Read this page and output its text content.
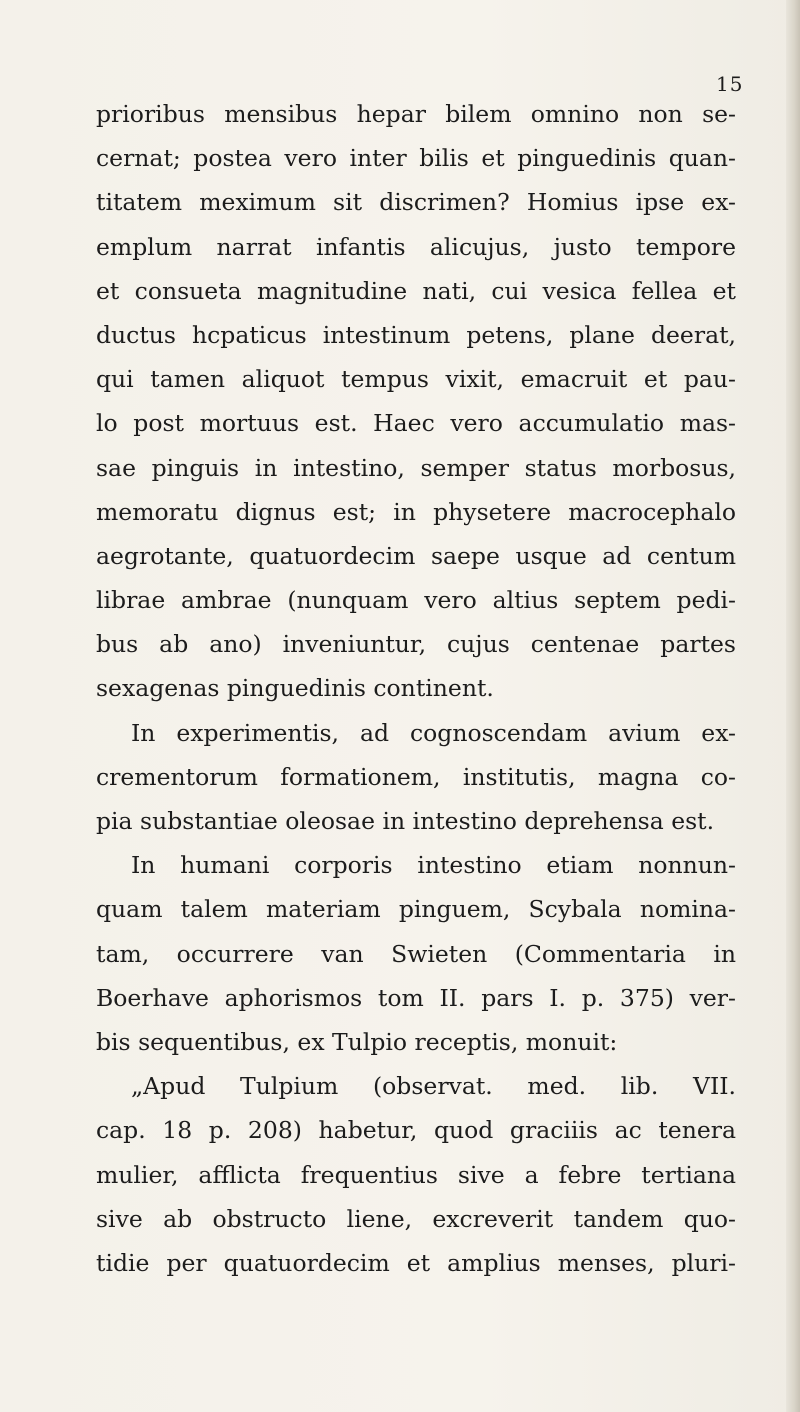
15
prioribus mensibus hepar bilem omnino non se-
cernat; postea vero inter bilis et pinguedinis quan-
titatem meximum sit discrimen? Homius ipse ex-
emplum narrat infantis alicujus, justo tempore
et consueta magnitudine nati, cui vesica fellea et
ductus hcpaticus intestinum petens, plane deerat,
qui tamen aliquot tempus vixit, emacruit et pau-
lo post mortuus est. Haec vero accumulatio mas-
sae pinguis in intestino, semper status morbosus,
memoratu dignus est; in physetere macrocephalo
aegrotante, quatuordecim saepe usque ad centum
librae ambrae (nunquam vero altius septem pedi-
bus ab ano) inveniuntur, cujus centenae partes
sexagenas pinguedinis continent.
In experimentis, ad cognoscendam avium ex-
crementorum formationem, institutis, magna co-
pia substantiae oleosae in intestino deprehensa est.
In humani corporis intestino etiam nonnun-
quam talem materiam pinguem, Scybala nomina-
tam, occurrere van Swieten (Commentaria in
Boerhave aphorismos tom II. pars I. p. 375) ver-
bis sequentibus, ex Tulpio receptis, monuit:
„Apud Tulpium (observat. med. lib. VII.
cap. 18 p. 208) habetur, quod graciiis ac tenera
mulier, afflicta frequentius sive a febre tertiana
sive ab obstructo liene, excreverit tandem quo-
tidie per quatuordecim et amplius menses, pluri-
